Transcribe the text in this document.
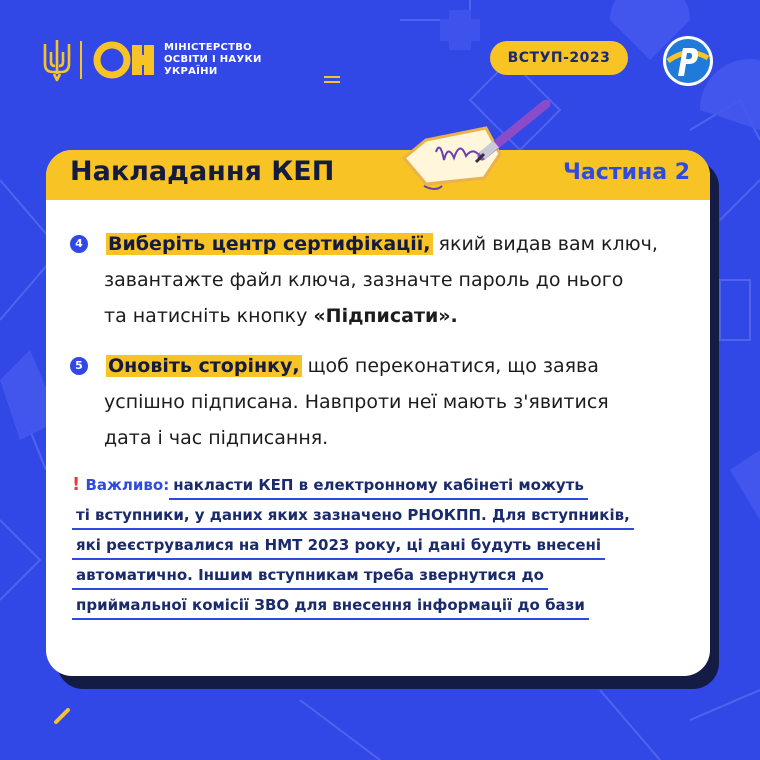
МІНІСТЕРСТВО
ОСВІТИ І НАУКИ
УКРАЇНИ
ВСТУП-2023
Накладання КЕП	Частина 2
4 Виберіть центр сертифікації, який видав вам ключ,
завантажте файл ключа, зазначте пароль до нього
та натисніть кнопку «Підписати».
5 Оновіть сторінку, щоб переконатися, що заява
успішно підписана. Навпроти неї мають з'явитися
дата і час підписання.
! Важливо: накласти КЕП в електронному кабінеті можуть
ті вступники, у даних яких зазначено РНОКПП. Для вступників,
які реєструвалися на НМТ 2023 року, ці дані будуть внесені
автоматично. Іншим вступникам треба звернутися до
приймальної комісії ЗВО для внесення інформації до бази
